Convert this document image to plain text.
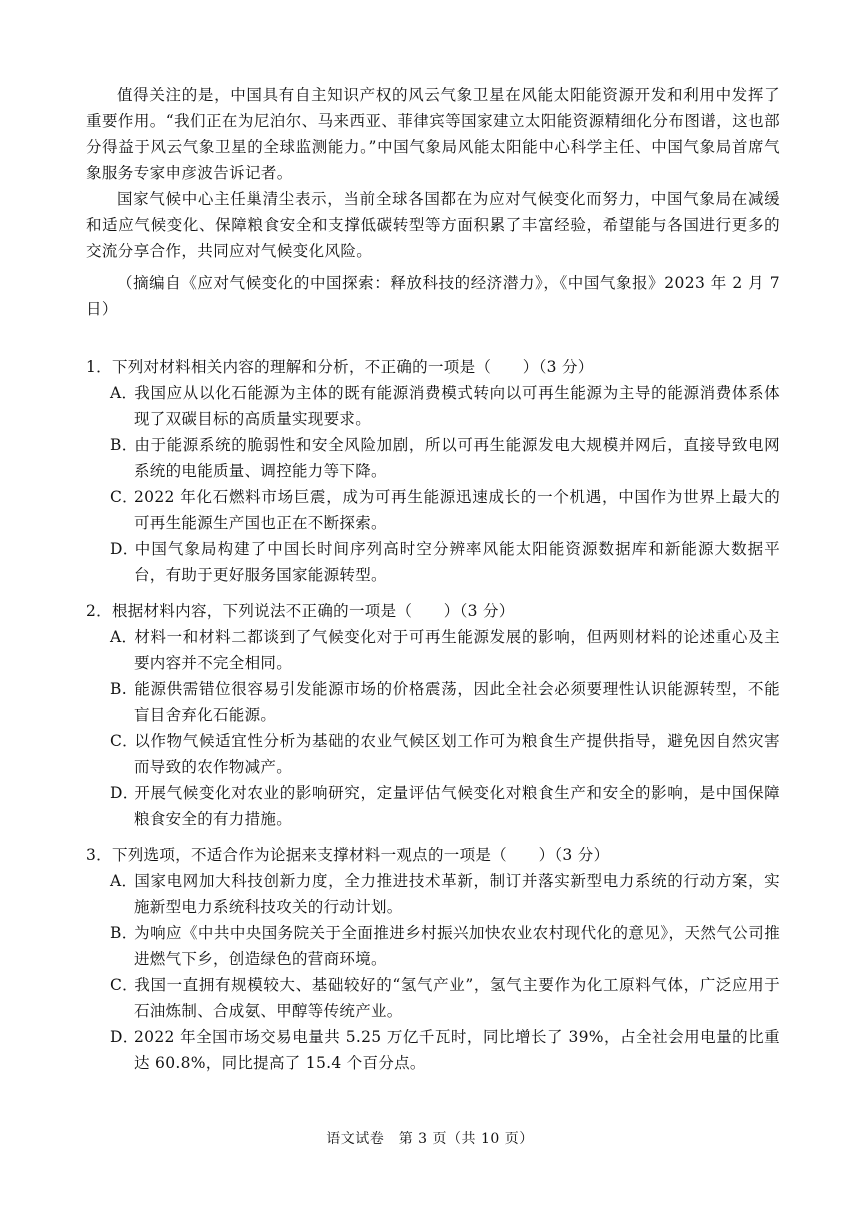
值得关注的是，中国具有自主知识产权的风云气象卫星在风能太阳能资源开发和利用中发挥了重要作用。“我们正在为尼泊尔、马来西亚、菲律宾等国家建立太阳能资源精细化分布图谱，这也部分得益于风云气象卫星的全球监测能力。”中国气象局风能太阳能中心科学主任、中国气象局首席气象服务专家申彦波告诉记者。

国家气候中心主任巢清尘表示，当前全球各国都在为应对气候变化而努力，中国气象局在减缓和适应气候变化、保障粮食安全和支撑低碳转型等方面积累了丰富经验，希望能与各国进行更多的交流分享合作，共同应对气候变化风险。

（摘编自《应对气候变化的中国探索：释放科技的经济潜力》，《中国气象报》2023 年 2 月 7 日）

1．下列对材料相关内容的理解和分析，不正确的一项是（　　）（3 分）
A．我国应从以化石能源为主体的既有能源消费模式转向以可再生能源为主导的能源消费体系体现了双碳目标的高质量实现要求。
B．由于能源系统的脆弱性和安全风险加剧，所以可再生能源发电大规模并网后，直接导致电网系统的电能质量、调控能力等下降。
C．2022 年化石燃料市场巨震，成为可再生能源迅速成长的一个机遇，中国作为世界上最大的可再生能源生产国也正在不断探索。
D．中国气象局构建了中国长时间序列高时空分辨率风能太阳能资源数据库和新能源大数据平台，有助于更好服务国家能源转型。
2．根据材料内容，下列说法不正确的一项是（　　）（3 分）
A．材料一和材料二都谈到了气候变化对于可再生能源发展的影响，但两则材料的论述重心及主要内容并不完全相同。
B. 能源供需错位很容易引发能源市场的价格震荡，因此全社会必须要理性认识能源转型，不能盲目舍弃化石能源。
C．以作物气候适宜性分析为基础的农业气候区划工作可为粮食生产提供指导，避免因自然灾害而导致的农作物减产。
D．开展气候变化对农业的影响研究，定量评估气候变化对粮食生产和安全的影响，是中国保障粮食安全的有力措施。
3．下列选项，不适合作为论据来支撑材料一观点的一项是（　　）（3 分）
A．国家电网加大科技创新力度，全力推进技术革新，制订并落实新型电力系统的行动方案，实施新型电力系统科技攻关的行动计划。
B．为响应《中共中央国务院关于全面推进乡村振兴加快农业农村现代化的意见》，天然气公司推进燃气下乡，创造绿色的营商环境。
C．我国一直拥有规模较大、基础较好的“氢气产业”，氢气主要作为化工原料气体，广泛应用于石油炼制、合成氨、甲醇等传统产业。
D．2022 年全国市场交易电量共 5.25 万亿千瓦时，同比增长了 39%，占全社会用电量的比重达 60.8%，同比提高了 15.4 个百分点。
语文试卷　第 3 页（共 10 页）
